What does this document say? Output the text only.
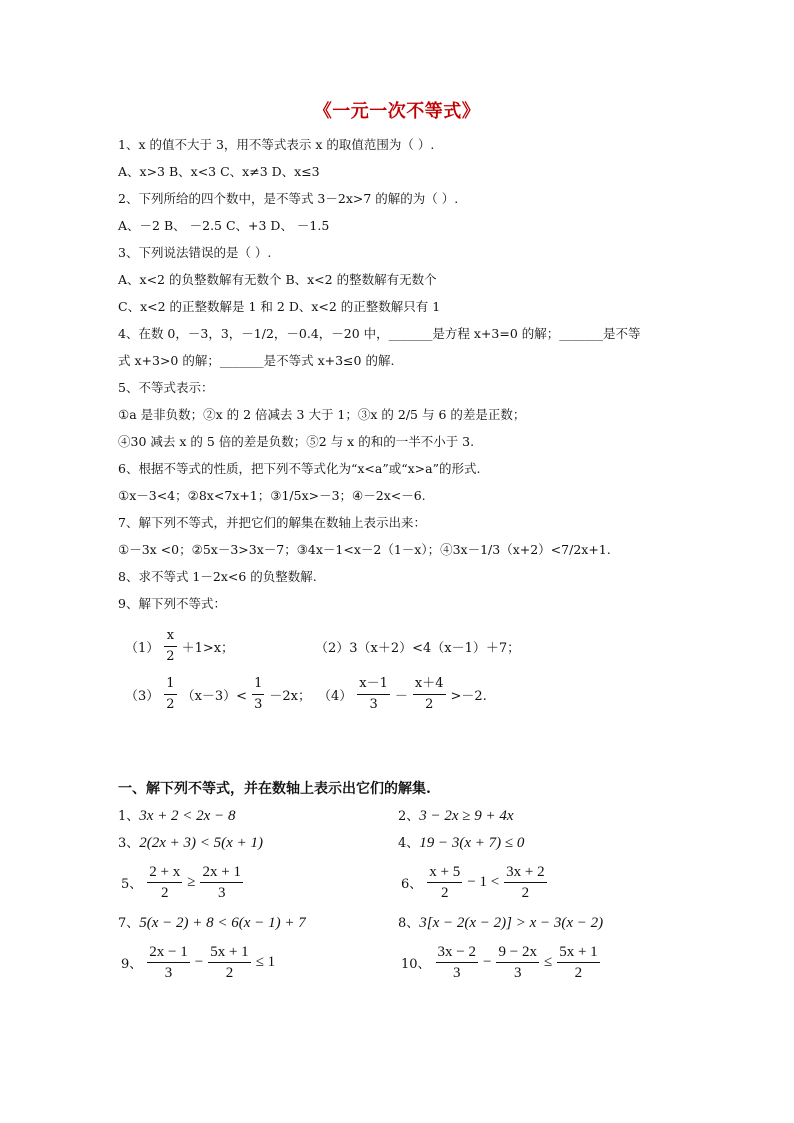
《一元一次不等式》
1、x 的值不大于 3，用不等式表示 x 的取值范围为（ ）.
A、x>3 B、x<3 C、x≠3 D、x≤3
2、下列所给的四个数中，是不等式 3－2x>7 的解的为（ ）.
A、－2 B、 －2.5 C、+3 D、 －1.5
3、下列说法错误的是（ ）.
A、x<2 的负整数解有无数个 B、x<2 的整数解有无数个
C、x<2 的正整数解是 1 和 2 D、x<2 的正整数解只有 1
4、在数 0，－3，3，－1/2，－0.4，－20 中，_______是方程 x+3=0 的解；_______是不等
式 x+3>0 的解；_______是不等式 x+3≤0 的解.
5、不等式表示：
①a 是非负数；②x 的 2 倍减去 3 大于 1；③x 的 2/5 与 6 的差是正数；
④30 减去 x 的 5 倍的差是负数；⑤2 与 x 的和的一半不小于 3.
6、根据不等式的性质，把下列不等式化为“x<a”或“x>a”的形式.
①x－3<4；②8x<7x+1；③1/5x>－3；④－2x<－6.
7、解下列不等式，并把它们的解集在数轴上表示出来：
①－3x <0；②5x－3>3x－7；③4x－1<x－2（1－x）；④3x－1/3（x+2）<7/2x+1.
8、求不等式 1－2x<6 的负整数解.
9、解下列不等式：
$(1) \frac{x}{2} +1>x$；	（2）3（x＋2）<4（x－1）＋7；
$(3) \frac{1}{2} (x-3)< \frac{1}{3} -2x$； $(4) \frac{x-1}{3} - \frac{x+4}{2} >-2$.
一、解下列不等式，并在数轴上表示出它们的解集.
1、3x + 2 < 2x − 8	2、3 − 2x ≥ 9 + 4x
3、2(2x + 3) < 5(x + 1)	4、19 − 3(x + 7) ≤ 0
5、 $\frac{2 + x}{2} \ge \frac{2x + 1}{3}$	6、 $\frac{x + 5}{2} - 1 < \frac{3x + 2}{2}$
7、5(x − 2) + 8 < 6(x − 1) + 7	8、3[x − 2(x − 2)] > x − 3(x − 2)
9、 $\frac{2x - 1}{3} - \frac{5x + 1}{2} \le 1$	10、 $\frac{3x - 2}{3} - \frac{9 - 2x}{3} \le \frac{5x + 1}{2}$
